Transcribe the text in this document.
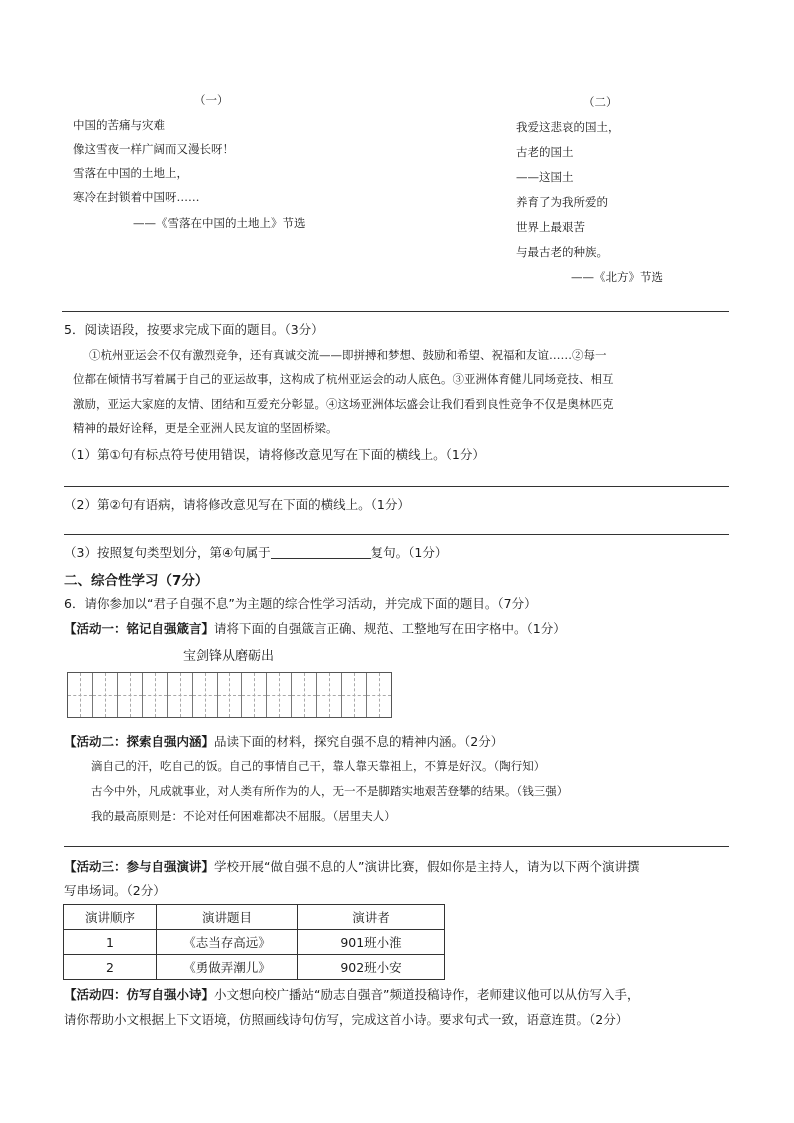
（一）
中国的苦痛与灾难
像这雪夜一样广阔而又漫长呀！
雪落在中国的土地上，
寒冷在封锁着中国呀……
——《雪落在中国的土地上》节选
（二）
我爱这悲哀的国土，
古老的国土
——这国土
养育了为我所爱的
世界上最艰苦
与最古老的种族。
——《北方》节选
5．阅读语段，按要求完成下面的题目。（3分）
①杭州亚运会不仅有激烈竞争，还有真诚交流——即拼搏和梦想、鼓励和希望、祝福和友谊……②每一
位都在倾情书写着属于自己的亚运故事，这构成了杭州亚运会的动人底色。③亚洲体育健儿同场竞技、相互
激励，亚运大家庭的友情、团结和互爱充分彰显。④这场亚洲体坛盛会让我们看到良性竞争不仅是奥林匹克
精神的最好诠释，更是全亚洲人民友谊的坚固桥梁。
（1）第①句有标点符号使用错误，请将修改意见写在下面的横线上。（1分）
（2）第②句有语病，请将修改意见写在下面的横线上。（1分）
（3）按照复句类型划分，第④句属于	复句。（1分）
二、综合性学习（7分）
6．请你参加以“君子自强不息”为主题的综合性学习活动，并完成下面的题目。（7分）
【活动一：铭记自强箴言】请将下面的自强箴言正确、规范、工整地写在田字格中。（1分）
宝剑锋从磨砺出
【活动二：探索自强内涵】品读下面的材料，探究自强不息的精神内涵。（2分）
滴自己的汗，吃自己的饭。自己的事情自己干，靠人靠天靠祖上，不算是好汉。（陶行知）
古今中外，凡成就事业，对人类有所作为的人，无一不是脚踏实地艰苦登攀的结果。（钱三强）
我的最高原则是：不论对任何困难都决不屈服。（居里夫人）
【活动三：参与自强演讲】学校开展“做自强不息的人”演讲比赛，假如你是主持人，请为以下两个演讲撰
写串场词。（2分）
演讲顺序	演讲题目	演讲者
1	《志当存高远》	901班小淮
2	《勇做弄潮儿》	902班小安
【活动四：仿写自强小诗】小文想向校广播站“励志自强音”频道投稿诗作，老师建议他可以从仿写入手，
请你帮助小文根据上下文语境，仿照画线诗句仿写，完成这首小诗。要求句式一致，语意连贯。（2分）
